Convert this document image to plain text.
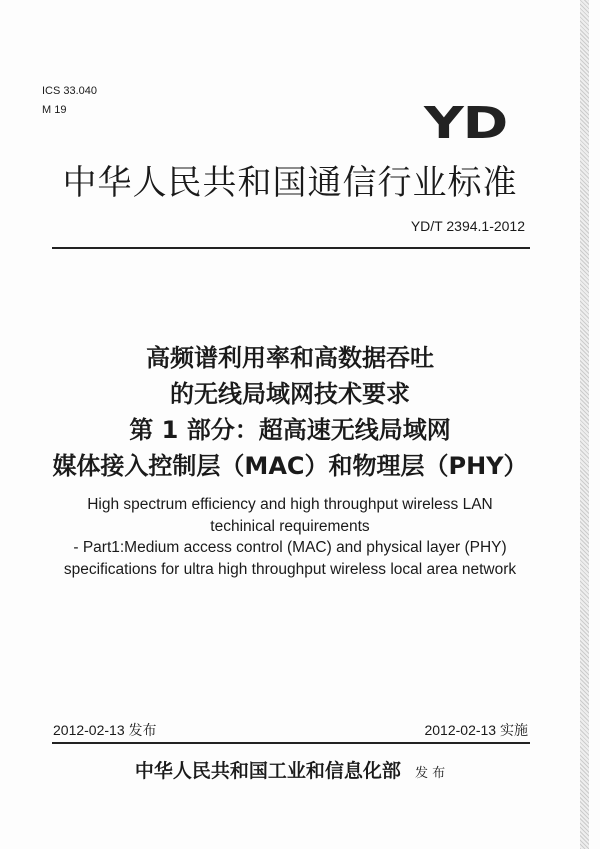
ICS 33.040
M 19	YD
中华人民共和国通信行业标准
YD/T 2394.1-2012
高频谱利用率和高数据吞吐
的无线局域网技术要求
第 1 部分：超高速无线局域网
媒体接入控制层（MAC）和物理层（PHY）
High spectrum efficiency and high throughput wireless LAN
techinical requirements
- Part1:Medium access control (MAC) and physical layer (PHY)
specifications for ultra high throughput wireless local area network
2012-02-13 发布	2012-02-13 实施
中华人民共和国工业和信息化部 发 布
